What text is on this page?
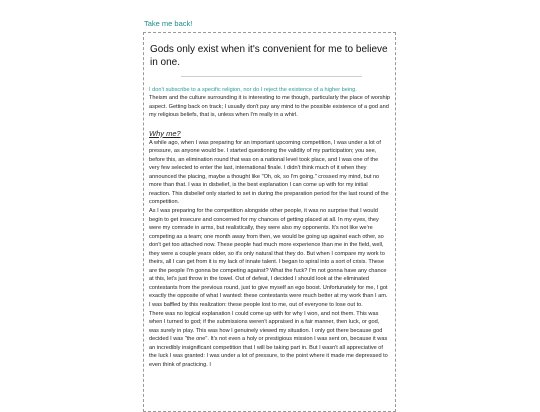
Take me back!
Gods only exist when it's convenient for me to believe in one.

I don't subscribe to a specific religion, nor do I reject the existence of a higher being.

Theism and the culture surrounding it is interesting to me though, particularly the place of worship aspect. Getting back on track; I usually don't pay any mind to the possible existence of a god and my religious beliefs, that is, unless when I'm really in a whirl.

Why me?

A while ago, when I was preparing for an important upcoming competition, I was under a lot of pressure, as anyone would be. I started questioning the validity of my participation; you see, before this, an elimination round that was on a national level took place, and I was one of the very few selected to enter the last, international finale. I didn't think much of it when they announced the placing, maybe a thought like "Oh, ok, so I'm going." crossed my mind, but no more than that. I was in disbelief, is the best explanation I can come up with for my initial reaction. This disbelief only started to set in during the preparation period for the last round of the competition.

As I was preparing for the competition alongside other people, it was no surprise that I would begin to get insecure and concerned for my chances of getting placed at all. In my eyes, they were my comrade in arms, but realistically, they were also my opponents. It's not like we're competing as a team; one month away from then, we would be going up against each other, so don't get too attached now. These people had much more experience than me in the field, well, they were a couple years older, so it's only natural that they do. But when I compare my work to theirs, all I can get from it is my lack of innate talent. I began to spiral into a sort of crisis. These are the people I'm gonna be competing against? What the fuck? I'm not gonna have any chance at this, let's just throw in the towel. Out of defeat, I decided I should look at the eliminated contestants from the previous round, just to give myself an ego boost. Unfortunately for me, I got exactly the opposite of what I wanted: these contestants were much better at my work than I am. I was baffled by this realization: these people lost to me, out of everyone to lose out to.

There was no logical explanation I could come up with for why I won, and not them. This was when I turned to god; if the submissions weren't appraised in a fair manner, then luck, or god, was surely in play. This was how I genuinely viewed my situation. I only got there because god decided I was "the one". It's not even a holy or prestigious mission I was sent on, because it was an incredibly insignificant competition that I will be taking part in. But I wasn't all appreciative of the luck I was granted: I was under a lot of pressure, to the point where it made me depressed to even think of practicing. I
